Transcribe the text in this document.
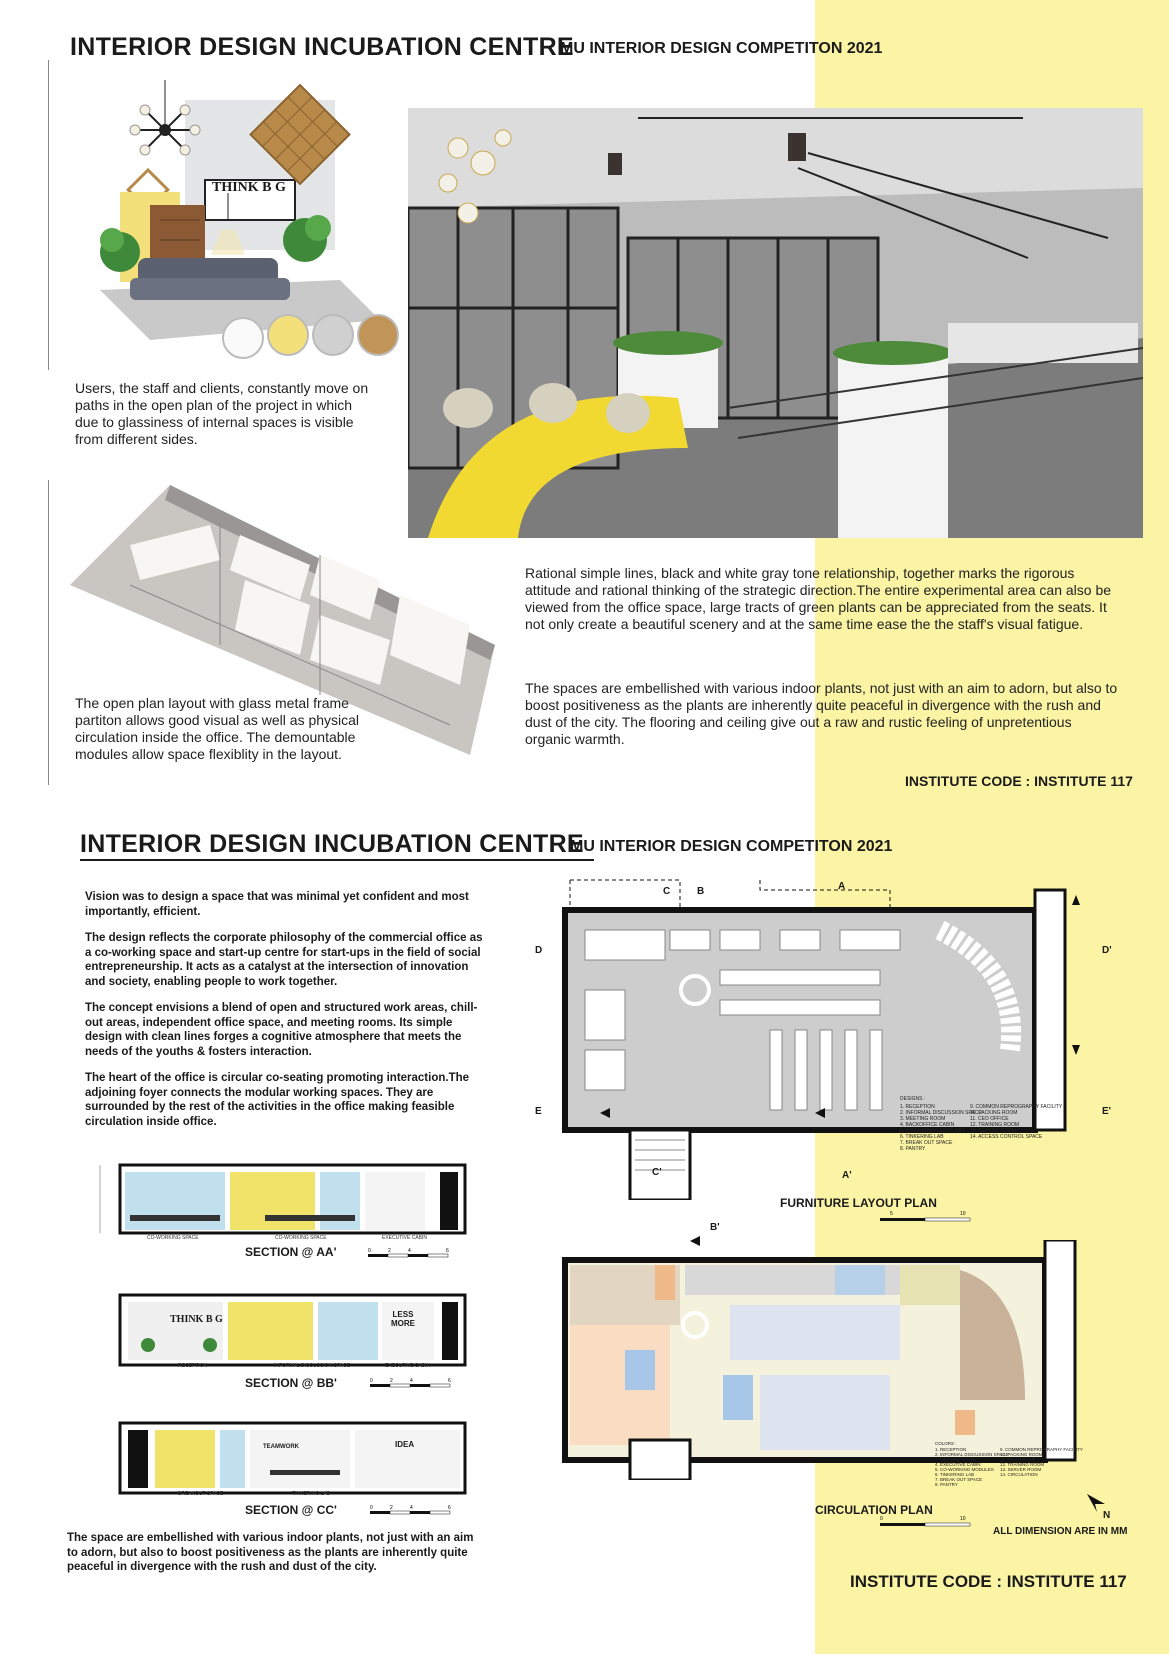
INTERIOR DESIGN INCUBATION CENTRE
MU INTERIOR DESIGN COMPETITON 2021
THINK B G
Users, the staff and clients, constantly move on paths in the open plan of the project in which due to glassiness of internal spaces is visible from different sides.
The open plan layout with glass metal frame partiton allows good visual as well as physical circulation inside the office. The demountable modules allow space flexiblity in the layout.
Rational simple lines, black and white gray tone relationship, together marks the rigorous attitude and rational thinking of the strategic direction.The entire experimental area can also be viewed from the office space, large tracts of green plants can be appreciated from the seats. It not only create a beautiful scenery and at the same time ease the the staff's visual fatigue.
The spaces are embellished with various indoor plants, not just with an aim to adorn, but also to boost positiveness as the plants are inherently quite peaceful in divergence with the rush and dust of the city. The flooring and ceiling give out a raw and rustic feeling of unpretentious organic warmth.
INSTITUTE CODE : INSTITUTE 117
INTERIOR DESIGN INCUBATION CENTRE
MU INTERIOR DESIGN COMPETITON 2021

Vision was to design a space that was minimal yet confident and most importantly, efficient.

The design reflects the corporate philosophy of the commercial office as a co-working space and start-up centre for start-ups in the field of social entrepreneurship. It acts as a catalyst at the intersection of innovation and society, enabling people to work together.

The concept envisions a blend of open and structured work areas, chill-out areas, independent office space, and meeting rooms. Its simple design with clean lines forges a cognitive atmosphere that meets the needs of the youths & fosters interaction.

The heart of the office is circular co-seating promoting interaction.The adjoining foyer connects the modular working spaces. They are surrounded by the rest of the activities in the office making feasible circulation inside office.

CO-WORKING SPACE	CO-WORKING SPACE	EXECUTIVE CABIN
SECTION @ AA'	0	2	4	6
THINK B G	LESS MORE
RECEPTION	INFORMAL DISCUSSION SPACE	EXECUTIVE CABIN
SECTION @ BB'	0	2	4	6
TEAMWORK	IDEA
BREAKOUT SPACE	TINKERING LAB
SECTION @ CC'	0	2	4	6
The space are embellished with various indoor plants, not just with an aim to adorn, but also to boost positiveness as the plants are inherently quite peaceful in divergence with the rush and dust of the city.
DESIGNS :
1. RECEPTION
2. INFORMAL DISCUSSION SPACE
3. MEETING ROOM
4. BACKOFFICE CABIN
5. CO-WORKING MODULES
6. TINKERING LAB
7. BREAK OUT SPACE
8. PANTRY
9. COMMON REPROGRAPHY FACILITY
10. PACKING ROOM
11. CEO OFFICE
12. TRAINING ROOM
13. SERVER ROOM
14. ACCESS CONTROL SPACE
C	B	A
D
E
C'
D'
E'
A'
B'
FURNITURE LAYOUT PLAN
5	10
CIRCULATION PLAN
0	10
COLORS :
1. RECEPTION
2. INFORMAL DISCUSSION SPACE
3. MEETING ROOM
4. EXECUTIVE CABIN
5. CO-WORKING MODULES
6. TINKERING LAB
7. BREAK OUT SPACE
8. PANTRY
9. COMMON REPROGRAPHY FACILITY
10. PACKING ROOM
11. CEO OFFICE
12. TRAINING ROOM
13. SERVER ROOM
14. CIRCULATION
N
ALL DIMENSION ARE IN MM
INSTITUTE CODE : INSTITUTE 117
